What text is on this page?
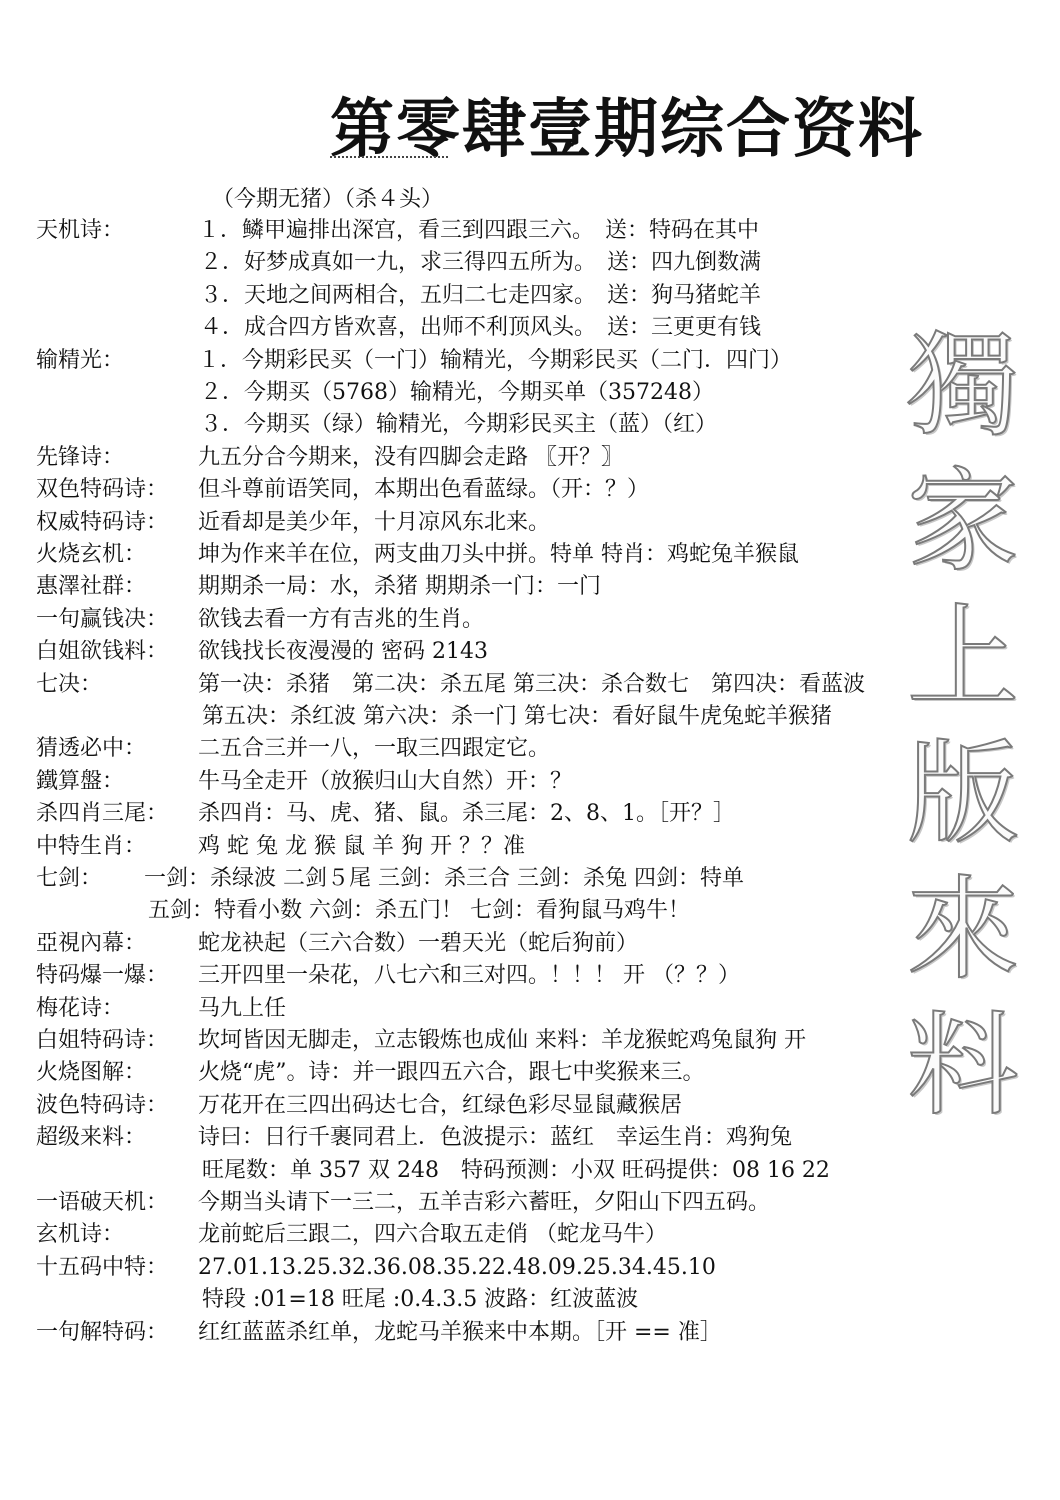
第零肆壹期综合资料
（今期无猪）（杀４头）
天机诗：	１．鳞甲遍排出深宫，看三到四跟三六。　送：特码在其中
２．好梦成真如一九，求三得四五所为。　送：四九倒数满
３．天地之间两相合，五归二七走四家。　送：狗马猪蛇羊
４．成合四方皆欢喜，出师不利顶风头。　送：三更更有钱
输精光：	１．今期彩民买（一门）输精光，今期彩民买（二门．四门）
２．今期买（5768）输精光，今期买单（357248）
３．今期买（绿）输精光，今期彩民买主（蓝）（红）
先锋诗：	九五分合今期来，没有四脚会走路 〖开？〗
双色特码诗： 但斗尊前语笑同，本期出色看蓝绿。（开：？）
权威特码诗： 近看却是美少年，十月凉风东北来。
火烧玄机： 坤为作来羊在位，两支曲刀头中拼。特单 特肖：鸡蛇兔羊猴鼠
惠澤社群： 期期杀一局：水，杀猪 期期杀一门：一门
一句赢钱决： 欲钱去看一方有吉兆的生肖。
白姐欲钱料： 欲钱找长夜漫漫的 密码 2143
七决：	第一决：杀猪　第二决：杀五尾 第三决：杀合数七　第四决：看蓝波
第五决：杀红波 第六决：杀一门 第七决：看好鼠牛虎兔蛇羊猴猪
猜透必中： 二五合三并一八，一取三四跟定它。
鐵算盤：	牛马全走开（放猴归山大自然）开：？
杀四肖三尾： 杀四肖：马、虎、猪、鼠。杀三尾：2、8、1。［开？］
中特生肖： 鸡 蛇 兔 龙 猴 鼠 羊 狗 开 ？？准
七剑： 一剑：杀绿波 二剑５尾 三剑：杀三合 三剑：杀兔 四剑：特单
五剑：特看小数 六剑：杀五门！ 七剑：看狗鼠马鸡牛！
亞視內幕： 蛇龙袂起（三六合数）一碧天光（蛇后狗前）
特码爆一爆： 三开四里一朵花，八七六和三对四。！！！ 开 （？？）
梅花诗：	马九上任
白姐特码诗： 坎坷皆因无脚走，立志锻炼也成仙 来料：羊龙猴蛇鸡兔鼠狗 开
火烧图解： 火烧“虎”。诗：并一跟四五六合，跟七中奖猴来三。
波色特码诗： 万花开在三四出码达七合，红绿色彩尽显鼠藏猴居
超级来料： 诗曰：日行千裹同君上．色波提示：蓝红　幸运生肖：鸡狗兔
旺尾数：单 357 双 248　特码预测：小双 旺码提供：08 16 22
一语破天机： 今期当头请下一三二，五羊吉彩六蓄旺，夕阳山下四五码。
玄机诗：	龙前蛇后三跟二，四六合取五走俏 （蛇龙马牛）
十五码中特： 27.01.13.25.32.36.08.35.22.48.09.25.34.45.10
特段 :01=18 旺尾 :0.4.3.5 波路：红波蓝波
一句解特码： 红红蓝蓝杀红单，龙蛇马羊猴来中本期。［开 == 准］
獨
家
上
版
來
料
